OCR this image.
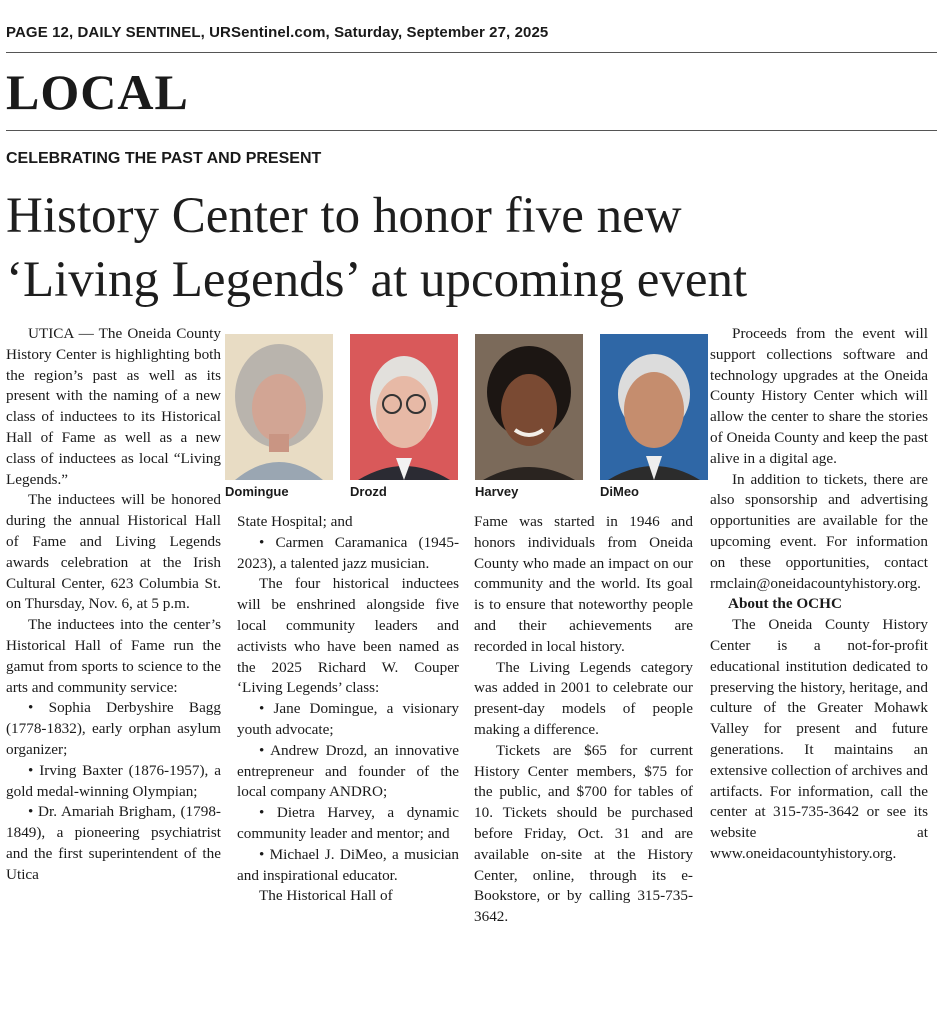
PAGE 12, DAILY SENTINEL, URSentinel.com, Saturday, September 27, 2025
LOCAL
CELEBRATING THE PAST AND PRESENT
History Center to honor five new
‘Living Legends’ at upcoming event

UTICA — The Oneida County History Center is highlighting both the region’s past as well as its present with the naming of a new class of inductees to its Historical Hall of Fame as well as a new class of inductees as local “Living Legends.”

The inductees will be honored during the annual Historical Hall of Fame and Living Legends awards celebration at the Irish Cultural Center, 623 Columbia St. on Thursday, Nov. 6, at 5 p.m.

The inductees into the center’s Historical Hall of Fame run the gamut from sports to science to the arts and community service:

• Sophia Derbyshire Bagg (1778-1832), early orphan asylum organizer;

• Irving Baxter (1876-1957), a gold medal-winning Olympian;

• Dr. Amariah Brigham, (1798-1849), a pioneering psychiatrist and the first superintendent of the Utica

Domingue	Drozd	Harvey	DiMeo

State Hospital; and

• Carmen Caramanica (1945-2023), a talented jazz musician.

The four historical inductees will be enshrined alongside five local community leaders and activists who have been named as the 2025 Richard W. Couper ‘Living Legends’ class:

• Jane Domingue, a visionary youth advocate;

• Andrew Drozd, an innovative entrepreneur and founder of the local company ANDRO;

• Dietra Harvey, a dynamic community leader and mentor; and

• Michael J. DiMeo, a musician and inspirational educator.

The Historical Hall of

Fame was started in 1946 and honors individuals from Oneida County who made an impact on our community and the world. Its goal is to ensure that noteworthy people and their achievements are recorded in local history.

The Living Legends category was added in 2001 to celebrate our present-day models of people making a difference.

Tickets are $65 for current History Center members, $75 for the public, and $700 for tables of 10. Tickets should be purchased before Friday, Oct. 31 and are available on-site at the History Center, online, through its e-Bookstore, or by calling 315-735-3642.

Proceeds from the event will support collections software and technology upgrades at the Oneida County History Center which will allow the center to share the stories of Oneida County and keep the past alive in a digital age.

In addition to tickets, there are also sponsorship and advertising opportunities are available for the upcoming event. For information on these opportunities, contact rmclain@oneidacountyhistory.org.

About the OCHC

The Oneida County History Center is a not-for-profit educational institution dedicated to preserving the history, heritage, and culture of the Greater Mohawk Valley for present and future generations. It maintains an extensive collection of archives and artifacts. For information, call the center at 315-735-3642 or see its website at www.oneidacountyhistory.org.
